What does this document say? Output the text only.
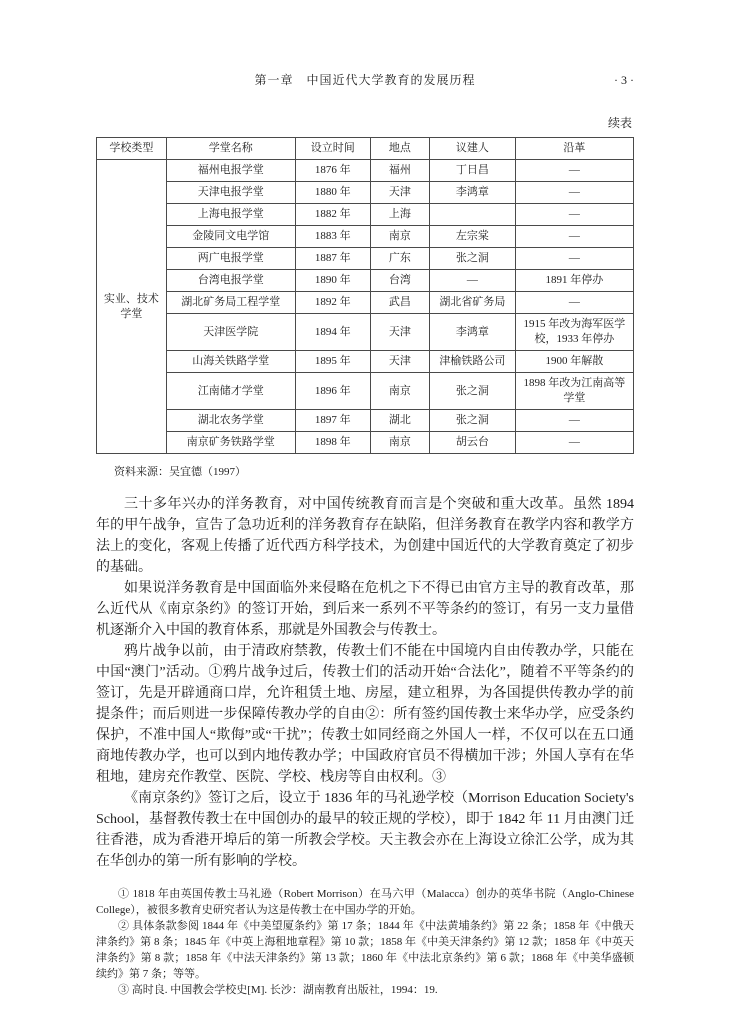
第一章　中国近代大学教育的发展历程	· 3 ·
续表
学校类型	学堂名称	设立时间	地点	议建人	沿革
实业、技术学堂	福州电报学堂	1876 年	福州	丁日昌	—
	天津电报学堂	1880 年	天津	李鸿章	—
	上海电报学堂	1882 年	上海		—
	金陵同文电学馆	1883 年	南京	左宗棠	—
	两广电报学堂	1887 年	广东	张之洞	—
	台湾电报学堂	1890 年	台湾	—	1891 年停办
	湖北矿务局工程学堂	1892 年	武昌	湖北省矿务局	—
	天津医学院	1894 年	天津	李鸿章	1915 年改为海军医学校，1933 年停办
	山海关铁路学堂	1895 年	天津	津榆铁路公司	1900 年解散
	江南储才学堂	1896 年	南京	张之洞	1898 年改为江南高等学堂
	湖北农务学堂	1897 年	湖北	张之洞	—
	南京矿务铁路学堂	1898 年	南京	胡云台	—
资料来源：吴宜德（1997）

三十多年兴办的洋务教育，对中国传统教育而言是个突破和重大改革。虽然 1894 年的甲午战争，宣告了急功近利的洋务教育存在缺陷，但洋务教育在教学内容和教学方法上的变化，客观上传播了近代西方科学技术，为创建中国近代的大学教育奠定了初步的基础。

如果说洋务教育是中国面临外来侵略在危机之下不得已由官方主导的教育改革，那么近代从《南京条约》的签订开始，到后来一系列不平等条约的签订，有另一支力量借机逐渐介入中国的教育体系，那就是外国教会与传教士。

鸦片战争以前，由于清政府禁教，传教士们不能在中国境内自由传教办学，只能在中国“澳门”活动。①鸦片战争过后，传教士们的活动开始“合法化”，随着不平等条约的签订，先是开辟通商口岸，允许租赁土地、房屋，建立租界，为各国提供传教办学的前提条件；而后则进一步保障传教办学的自由②：所有签约国传教士来华办学，应受条约保护，不准中国人“欺侮”或“干扰”；传教士如同经商之外国人一样，不仅可以在五口通商地传教办学，也可以到内地传教办学；中国政府官员不得横加干涉；外国人享有在华租地，建房充作教堂、医院、学校、栈房等自由权利。③

《南京条约》签订之后，设立于 1836 年的马礼逊学校（Morrison Education Society's School，基督教传教士在中国创办的最早的较正规的学校），即于 1842 年 11 月由澳门迁往香港，成为香港开埠后的第一所教会学校。天主教会亦在上海设立徐汇公学，成为其在华创办的第一所有影响的学校。

① 1818 年由英国传教士马礼逊（Robert Morrison）在马六甲（Malacca）创办的英华书院（Anglo-Chinese College），被很多教育史研究者认为这是传教士在中国办学的开始。

② 具体条款参阅 1844 年《中美望厦条约》第 17 条；1844 年《中法黄埔条约》第 22 条；1858 年《中俄天津条约》第 8 条；1845 年《中英上海租地章程》第 10 款；1858 年《中美天津条约》第 12 款；1858 年《中英天津条约》第 8 款；1858 年《中法天津条约》第 13 款；1860 年《中法北京条约》第 6 款；1868 年《中美华盛顿续约》第 7 条；等等。

③ 高时良. 中国教会学校史[M]. 长沙：湖南教育出版社，1994：19.
